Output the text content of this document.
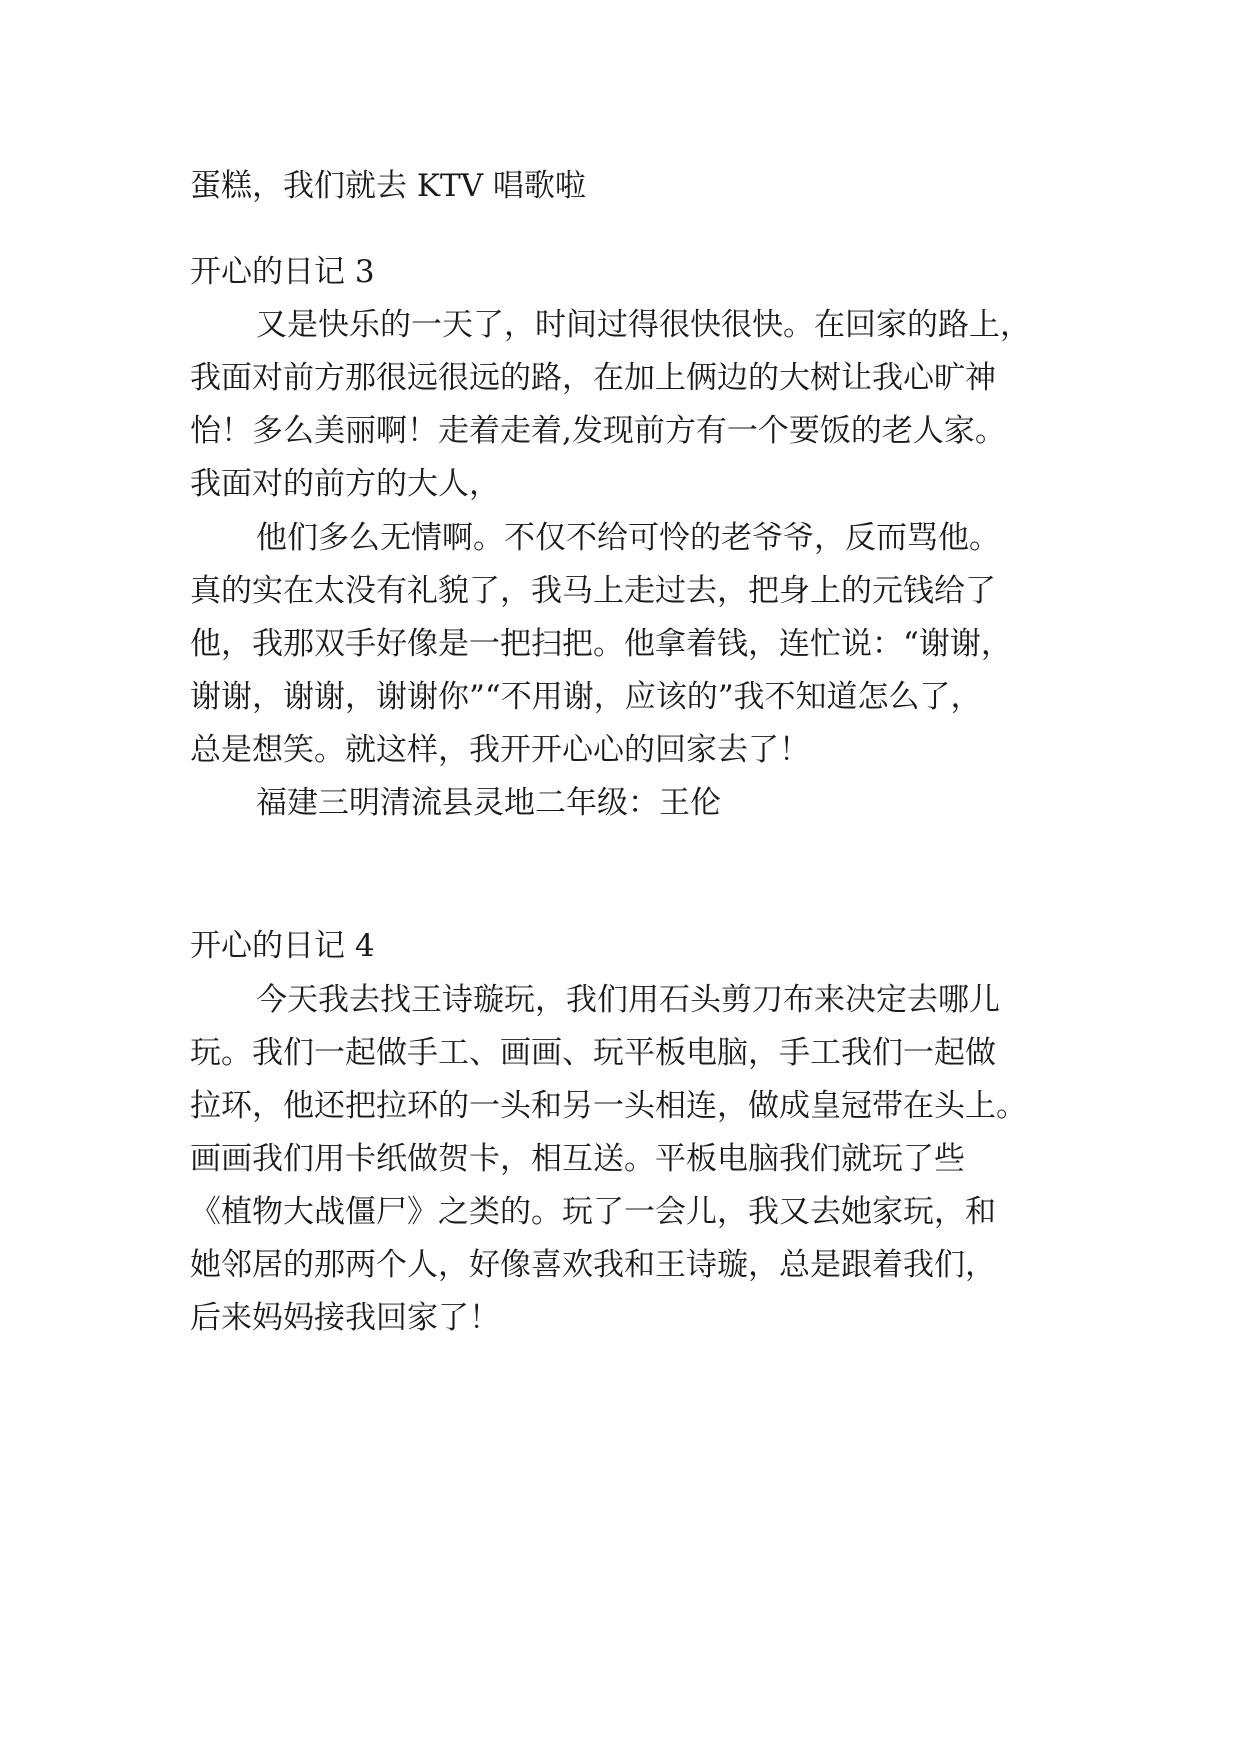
蛋糕，我们就去 KTV 唱歌啦
开心的日记 3
又是快乐的一天了，时间过得很快很快。在回家的路上，
我面对前方那很远很远的路，在加上俩边的大树让我心旷神
怡！多么美丽啊！走着走着,发现前方有一个要饭的老人家。
我面对的前方的大人，
他们多么无情啊。不仅不给可怜的老爷爷，反而骂他。
真的实在太没有礼貌了，我马上走过去，把身上的元钱给了
他，我那双手好像是一把扫把。他拿着钱，连忙说：“谢谢，
谢谢，谢谢，谢谢你”“不用谢，应该的”我不知道怎么了，
总是想笑。就这样，我开开心心的回家去了！
福建三明清流县灵地二年级：王伦
开心的日记 4
今天我去找王诗璇玩，我们用石头剪刀布来决定去哪儿
玩。我们一起做手工、画画、玩平板电脑，手工我们一起做
拉环，他还把拉环的一头和另一头相连，做成皇冠带在头上。
画画我们用卡纸做贺卡，相互送。平板电脑我们就玩了些
《植物大战僵尸》之类的。玩了一会儿，我又去她家玩，和
她邻居的那两个人，好像喜欢我和王诗璇，总是跟着我们，
后来妈妈接我回家了！
